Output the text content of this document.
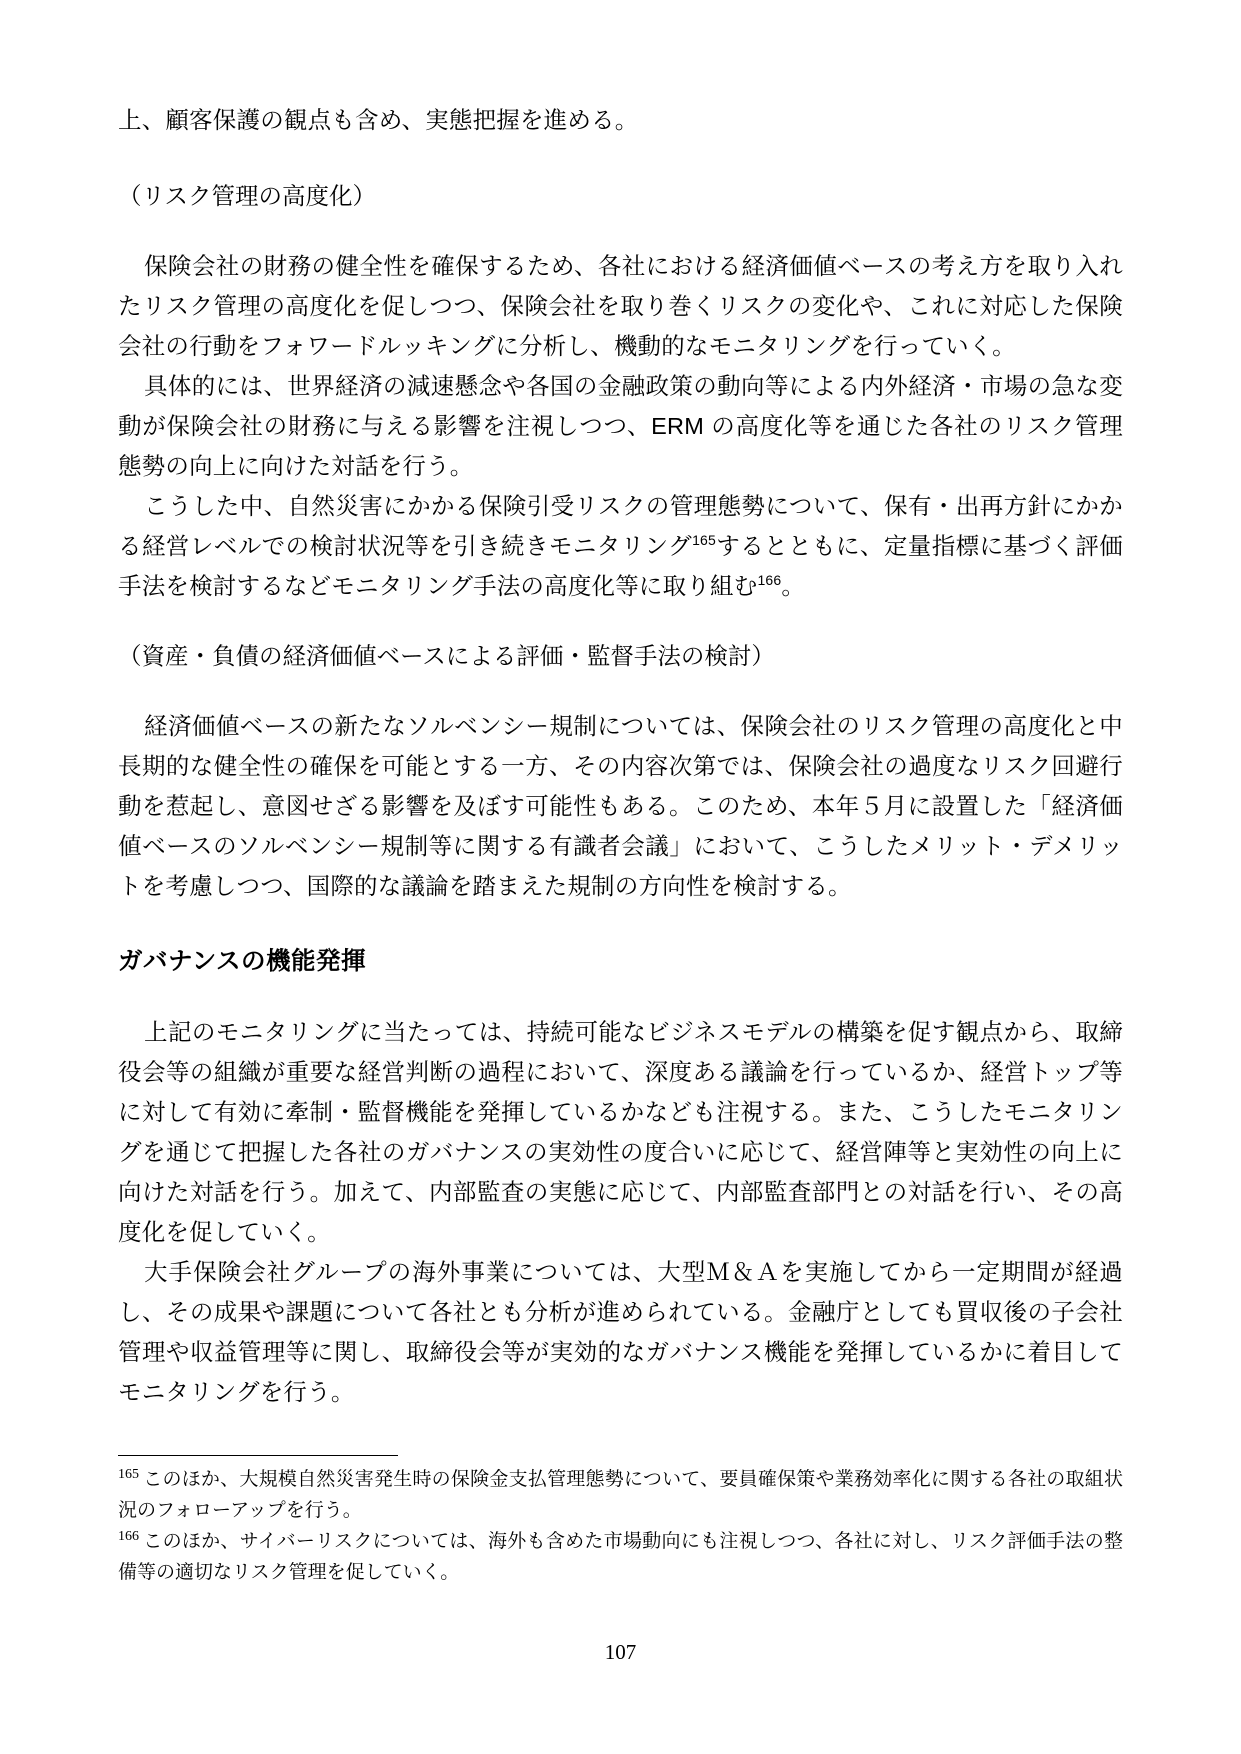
上、顧客保護の観点も含め、実態把握を進める。

（リスク管理の高度化）

保険会社の財務の健全性を確保するため、各社における経済価値ベースの考え方を取り入れたリスク管理の高度化を促しつつ、保険会社を取り巻くリスクの変化や、これに対応した保険会社の行動をフォワードルッキングに分析し、機動的なモニタリングを行っていく。

具体的には、世界経済の減速懸念や各国の金融政策の動向等による内外経済・市場の急な変動が保険会社の財務に与える影響を注視しつつ、ERM の高度化等を通じた各社のリスク管理態勢の向上に向けた対話を行う。

こうした中、自然災害にかかる保険引受リスクの管理態勢について、保有・出再方針にかかる経営レベルでの検討状況等を引き続きモニタリング$^{165}$するとともに、定量指標に基づく評価手法を検討するなどモニタリング手法の高度化等に取り組む$^{166}$。

（資産・負債の経済価値ベースによる評価・監督手法の検討）

経済価値ベースの新たなソルベンシー規制については、保険会社のリスク管理の高度化と中長期的な健全性の確保を可能とする一方、その内容次第では、保険会社の過度なリスク回避行動を惹起し、意図せざる影響を及ぼす可能性もある。このため、本年５月に設置した「経済価値ベースのソルベンシー規制等に関する有識者会議」において、こうしたメリット・デメリットを考慮しつつ、国際的な議論を踏まえた規制の方向性を検討する。

ガバナンスの機能発揮

上記のモニタリングに当たっては、持続可能なビジネスモデルの構築を促す観点から、取締役会等の組織が重要な経営判断の過程において、深度ある議論を行っているか、経営トップ等に対して有効に牽制・監督機能を発揮しているかなども注視する。また、こうしたモニタリングを通じて把握した各社のガバナンスの実効性の度合いに応じて、経営陣等と実効性の向上に向けた対話を行う。加えて、内部監査の実態に応じて、内部監査部門との対話を行い、その高度化を促していく。

大手保険会社グループの海外事業については、大型Ｍ＆Ａを実施してから一定期間が経過し、その成果や課題について各社とも分析が進められている。金融庁としても買収後の子会社管理や収益管理等に関し、取締役会等が実効的なガバナンス機能を発揮しているかに着目してモニタリングを行う。

$^{165}$ このほか、大規模自然災害発生時の保険金支払管理態勢について、要員確保策や業務効率化に関する各社の取組状況のフォローアップを行う。

$^{166}$ このほか、サイバーリスクについては、海外も含めた市場動向にも注視しつつ、各社に対し、リスク評価手法の整備等の適切なリスク管理を促していく。

107
